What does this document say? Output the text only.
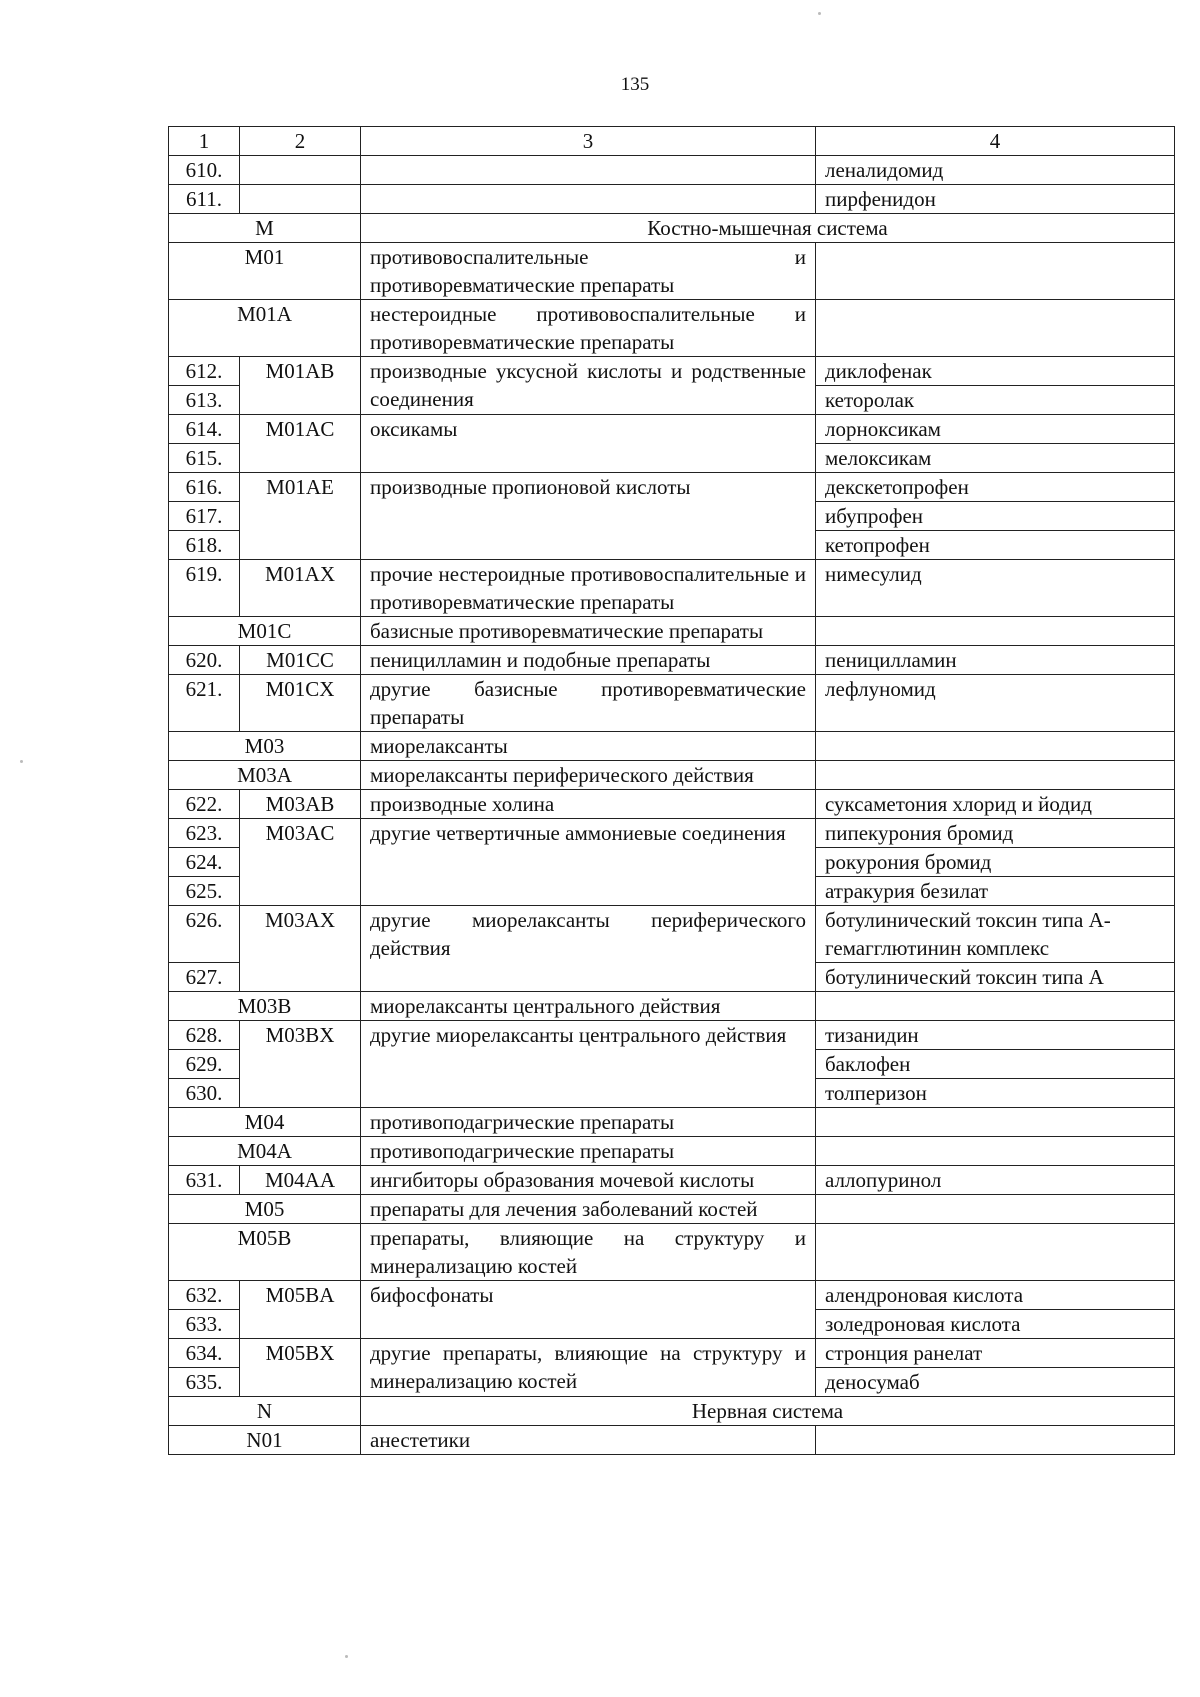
135
1	2	3	4
610.			леналидомид
611.			пирфенидон
M		Костно-мышечная система	
M01		противовоспалительные и противоревматические препараты	
M01A		нестероидные противовоспалительные и противоревматические препараты	
612.	M01AB	производные уксусной кислоты и родственные соединения	диклофенак
613.			кеторолак
614.	M01AC	оксикамы	лорноксикам
615.			мелоксикам
616.	M01AE	производные пропионовой кислоты	декскетопрофен
617.			ибупрофен
618.			кетопрофен
619.	M01AX	прочие нестероидные противовоспалительные и противоревматические препараты	нимесулид
M01C		базисные противоревматические препараты	
620.	M01CC	пеницилламин и подобные препараты	пеницилламин
621.	M01CX	другие базисные противоревматические препараты	лефлуномид
M03		миорелаксанты	
M03A		миорелаксанты периферического действия	
622.	M03AB	производные холина	суксаметония хлорид и йодид
623.	M03AC	другие четвертичные аммониевые соединения	пипекурония бромид
624.			рокурония бромид
625.			атракурия безилат
626.	M03AX	другие миорелаксанты периферического действия	ботулинический токсин типа А-гемагглютинин комплекс
627.			ботулинический токсин типа А
M03B		миорелаксанты центрального действия	
628.	M03BX	другие миорелаксанты центрального действия	тизанидин
629.			баклофен
630.			толперизон
M04		противоподагрические препараты	
M04A		противоподагрические препараты	
631.	M04AA	ингибиторы образования мочевой кислоты	аллопуринол
M05		препараты для лечения заболеваний костей	
M05B		препараты, влияющие на структуру и минерализацию костей	
632.	M05BA	бифосфонаты	алендроновая кислота
633.			золедроновая кислота
634.	M05BX	другие препараты, влияющие на структуру и минерализацию костей	стронция ранелат
635.			деносумаб
N		Нервная система	
N01		анестетики	
